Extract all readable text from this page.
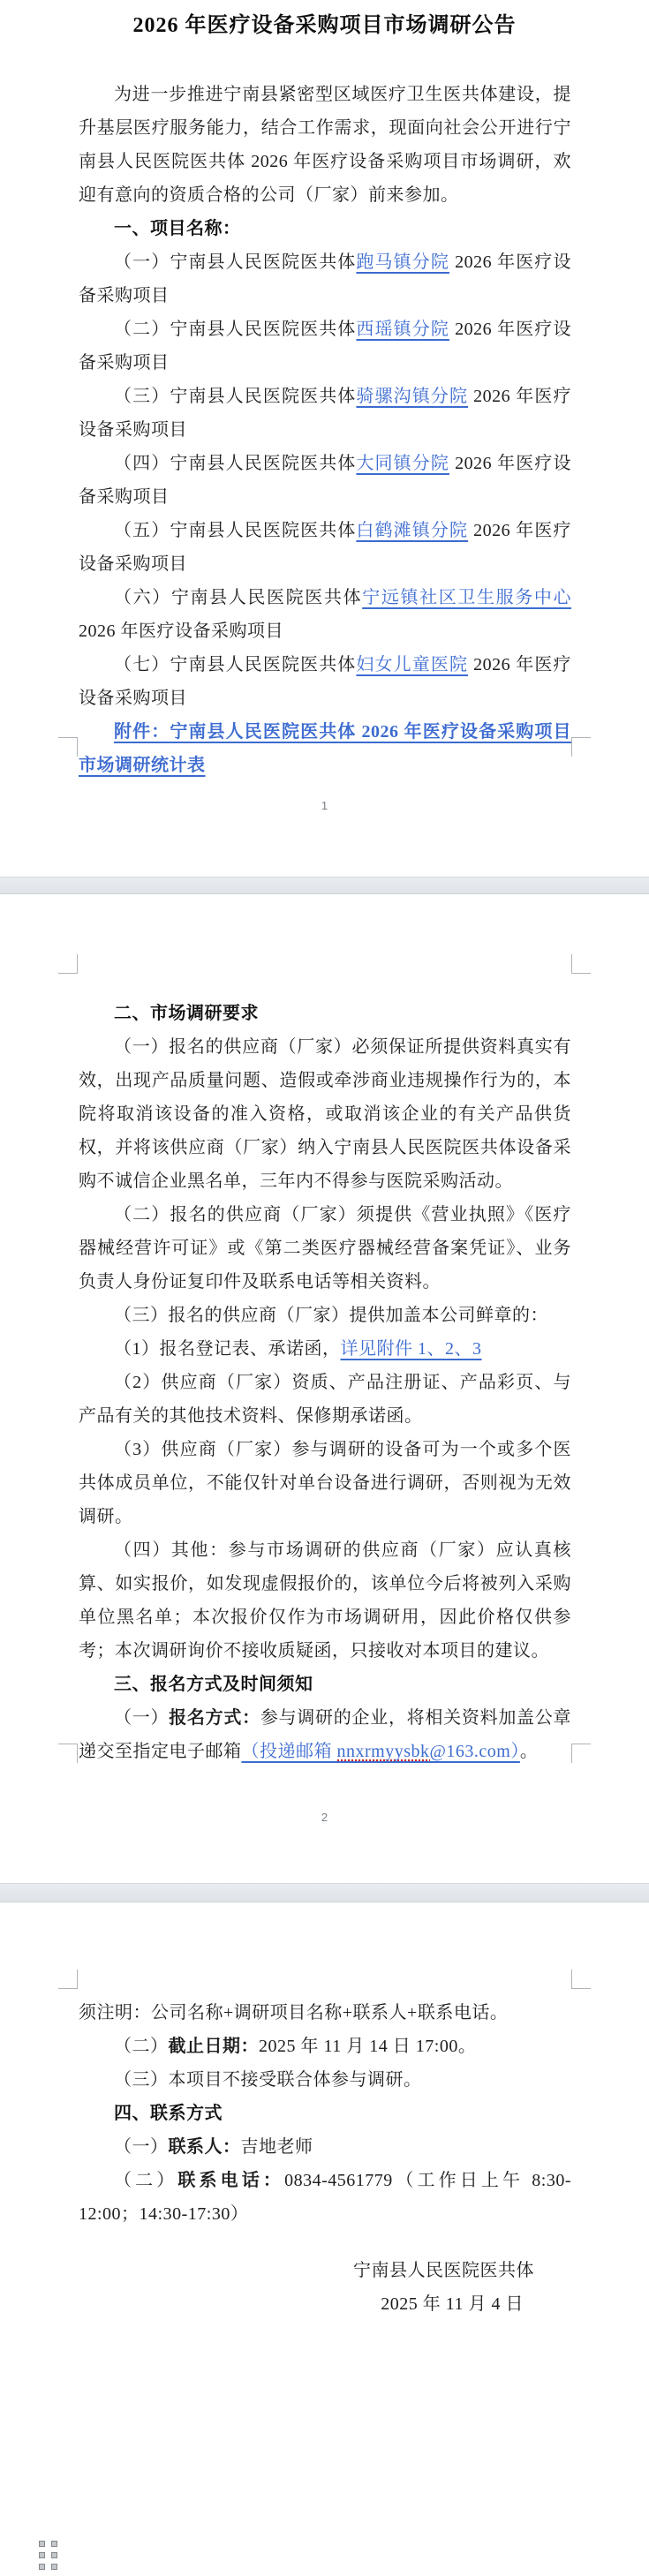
2026 年医疗设备采购项目市场调研公告
为进一步推进宁南县紧密型区域医疗卫生医共体建设，提升基层医疗服务能力，结合工作需求，现面向社会公开进行宁南县人民医院医共体 2026 年医疗设备采购项目市场调研，欢迎有意向的资质合格的公司（厂家）前来参加。
一、项目名称：
（一）宁南县人民医院医共体跑马镇分院 2026 年医疗设备采购项目
（二）宁南县人民医院医共体西瑶镇分院 2026 年医疗设备采购项目
（三）宁南县人民医院医共体骑骡沟镇分院 2026 年医疗设备采购项目
（四）宁南县人民医院医共体大同镇分院 2026 年医疗设备采购项目
（五）宁南县人民医院医共体白鹤滩镇分院 2026 年医疗设备采购项目
（六）宁南县人民医院医共体宁远镇社区卫生服务中心 2026 年医疗设备采购项目
（七）宁南县人民医院医共体妇女儿童医院 2026 年医疗设备采购项目
附件：宁南县人民医院医共体 2026 年医疗设备采购项目市场调研统计表
1
二、市场调研要求
（一）报名的供应商（厂家）必须保证所提供资料真实有效，出现产品质量问题、造假或牵涉商业违规操作行为的，本院将取消该设备的准入资格，或取消该企业的有关产品供货权，并将该供应商（厂家）纳入宁南县人民医院医共体设备采购不诚信企业黑名单，三年内不得参与医院采购活动。
（二）报名的供应商（厂家）须提供《营业执照》《医疗器械经营许可证》或《第二类医疗器械经营备案凭证》、业务负责人身份证复印件及联系电话等相关资料。
（三）报名的供应商（厂家）提供加盖本公司鲜章的：
（1）报名登记表、承诺函，详见附件 1、2、3
（2）供应商（厂家）资质、产品注册证、产品彩页、与产品有关的其他技术资料、保修期承诺函。
（3）供应商（厂家）参与调研的设备可为一个或多个医共体成员单位，不能仅针对单台设备进行调研，否则视为无效调研。
（四）其他：参与市场调研的供应商（厂家）应认真核算、如实报价，如发现虚假报价的，该单位今后将被列入采购单位黑名单；本次报价仅作为市场调研用，因此价格仅供参考；本次调研询价不接收质疑函，只接收对本项目的建议。
三、报名方式及时间须知
（一）报名方式：参与调研的企业，将相关资料加盖公章递交至指定电子邮箱（投递邮箱 nnxrmyysbk@163.com）。
2
须注明：公司名称+调研项目名称+联系人+联系电话。
（二）截止日期：2025 年 11 月 14 日 17:00。
（三）本项目不接受联合体参与调研。
四、联系方式
（一）联系人：吉地老师
（二）联系电话：0834-4561779（工作日上午 8:30-12:00；14:30-17:30）
宁南县人民医院医共体
2025 年 11 月 4 日
